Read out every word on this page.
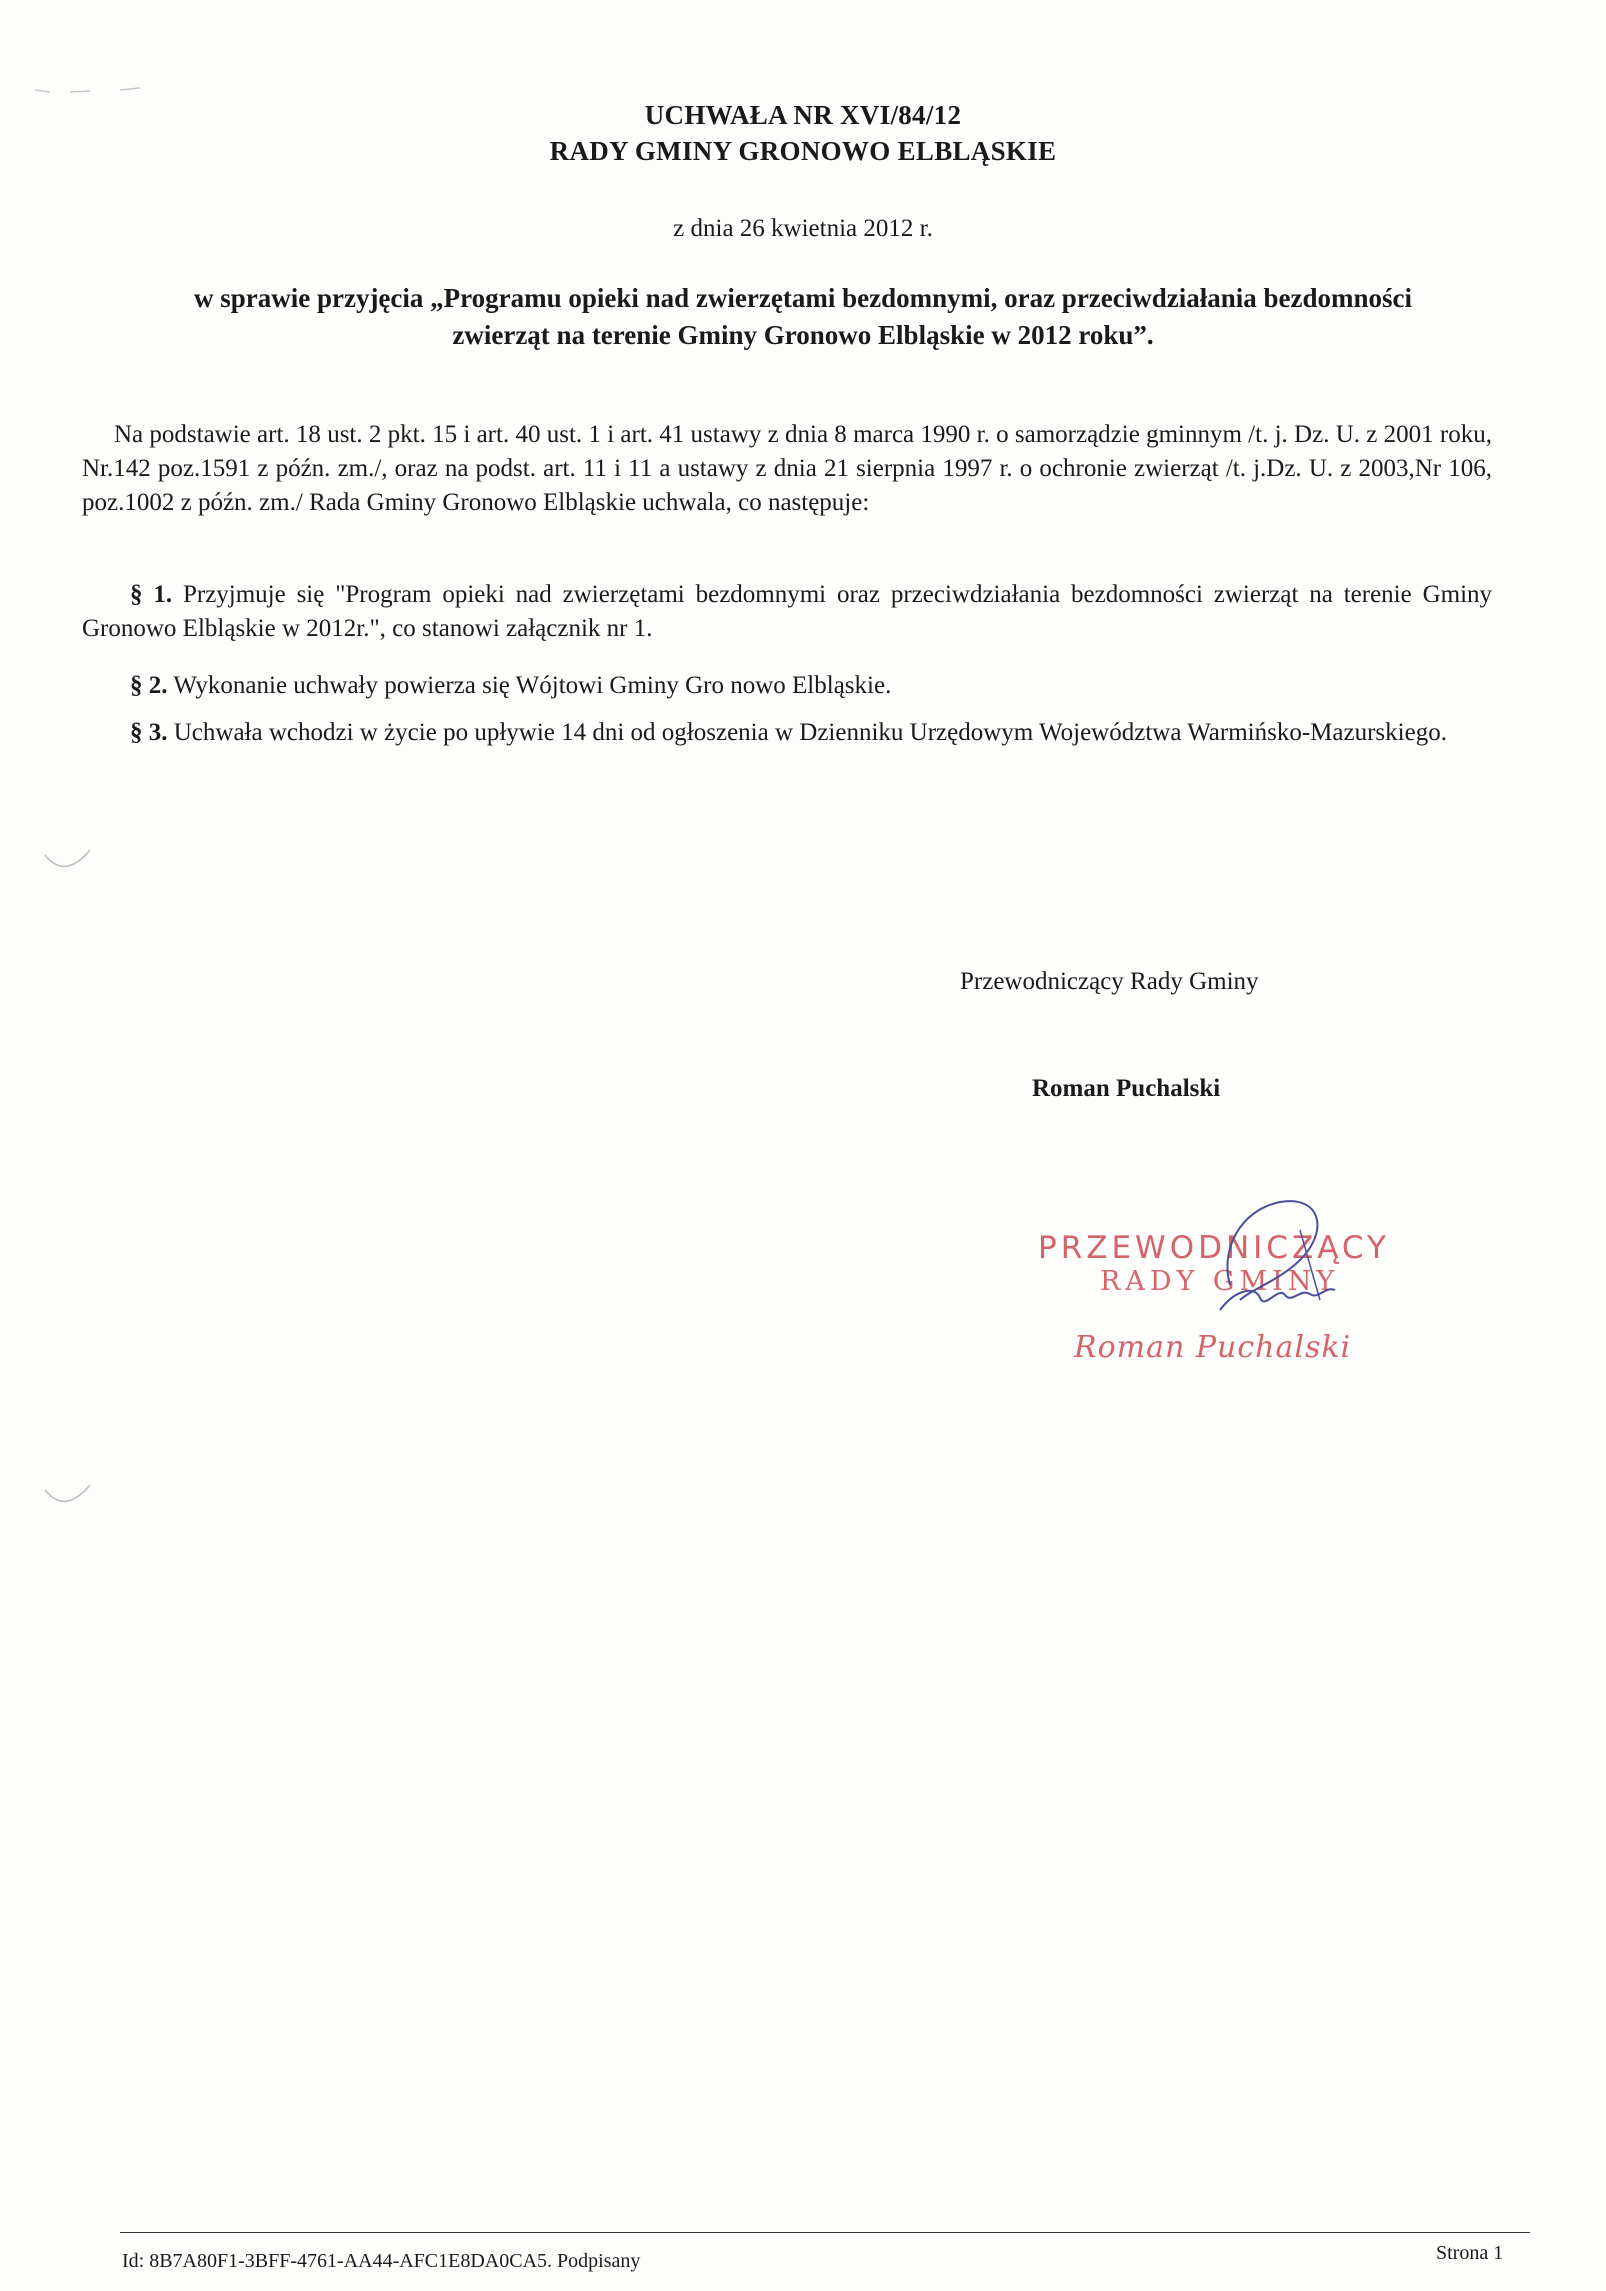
UCHWAŁA NR XVI/84/12
RADY GMINY GRONOWO ELBLĄSKIE
z dnia 26 kwietnia 2012 r.
w sprawie przyjęcia „Programu opieki nad zwierzętami bezdomnymi, oraz przeciwdziałania bezdomności
zwierząt na terenie Gminy Gronowo Elbląskie w 2012 roku”.
Na podstawie art. 18 ust. 2 pkt. 15 i art. 40 ust. 1 i art. 41 ustawy z dnia 8 marca 1990 r. o samorządzie gminnym /t. j. Dz. U. z 2001 roku, Nr.142 poz.1591 z późn. zm./, oraz na podst. art. 11 i 11 a ustawy z dnia 21 sierpnia 1997 r. o ochronie zwierząt /t. j.Dz. U. z 2003,Nr 106, poz.1002 z późn. zm./ Rada Gminy Gronowo Elbląskie uchwala, co następuje:
§ 1. Przyjmuje się "Program opieki nad zwierzętami bezdomnymi oraz przeciwdziałania bezdomności zwierząt na terenie Gminy Gronowo Elbląskie w 2012r.", co stanowi załącznik nr 1.
§ 2. Wykonanie uchwały powierza się Wójtowi Gminy Gro nowo Elbląskie.
§ 3. Uchwała wchodzi w życie po upływie 14 dni od ogłoszenia w Dzienniku Urzędowym Województwa Warmińsko-Mazurskiego.
Przewodniczący Rady Gminy
Roman Puchalski
PRZEWODNICZĄCY
RADY GMINY
Roman Puchalski
Id: 8B7A80F1-3BFF-4761-AA44-AFC1E8DA0CA5. Podpisany	Strona 1
